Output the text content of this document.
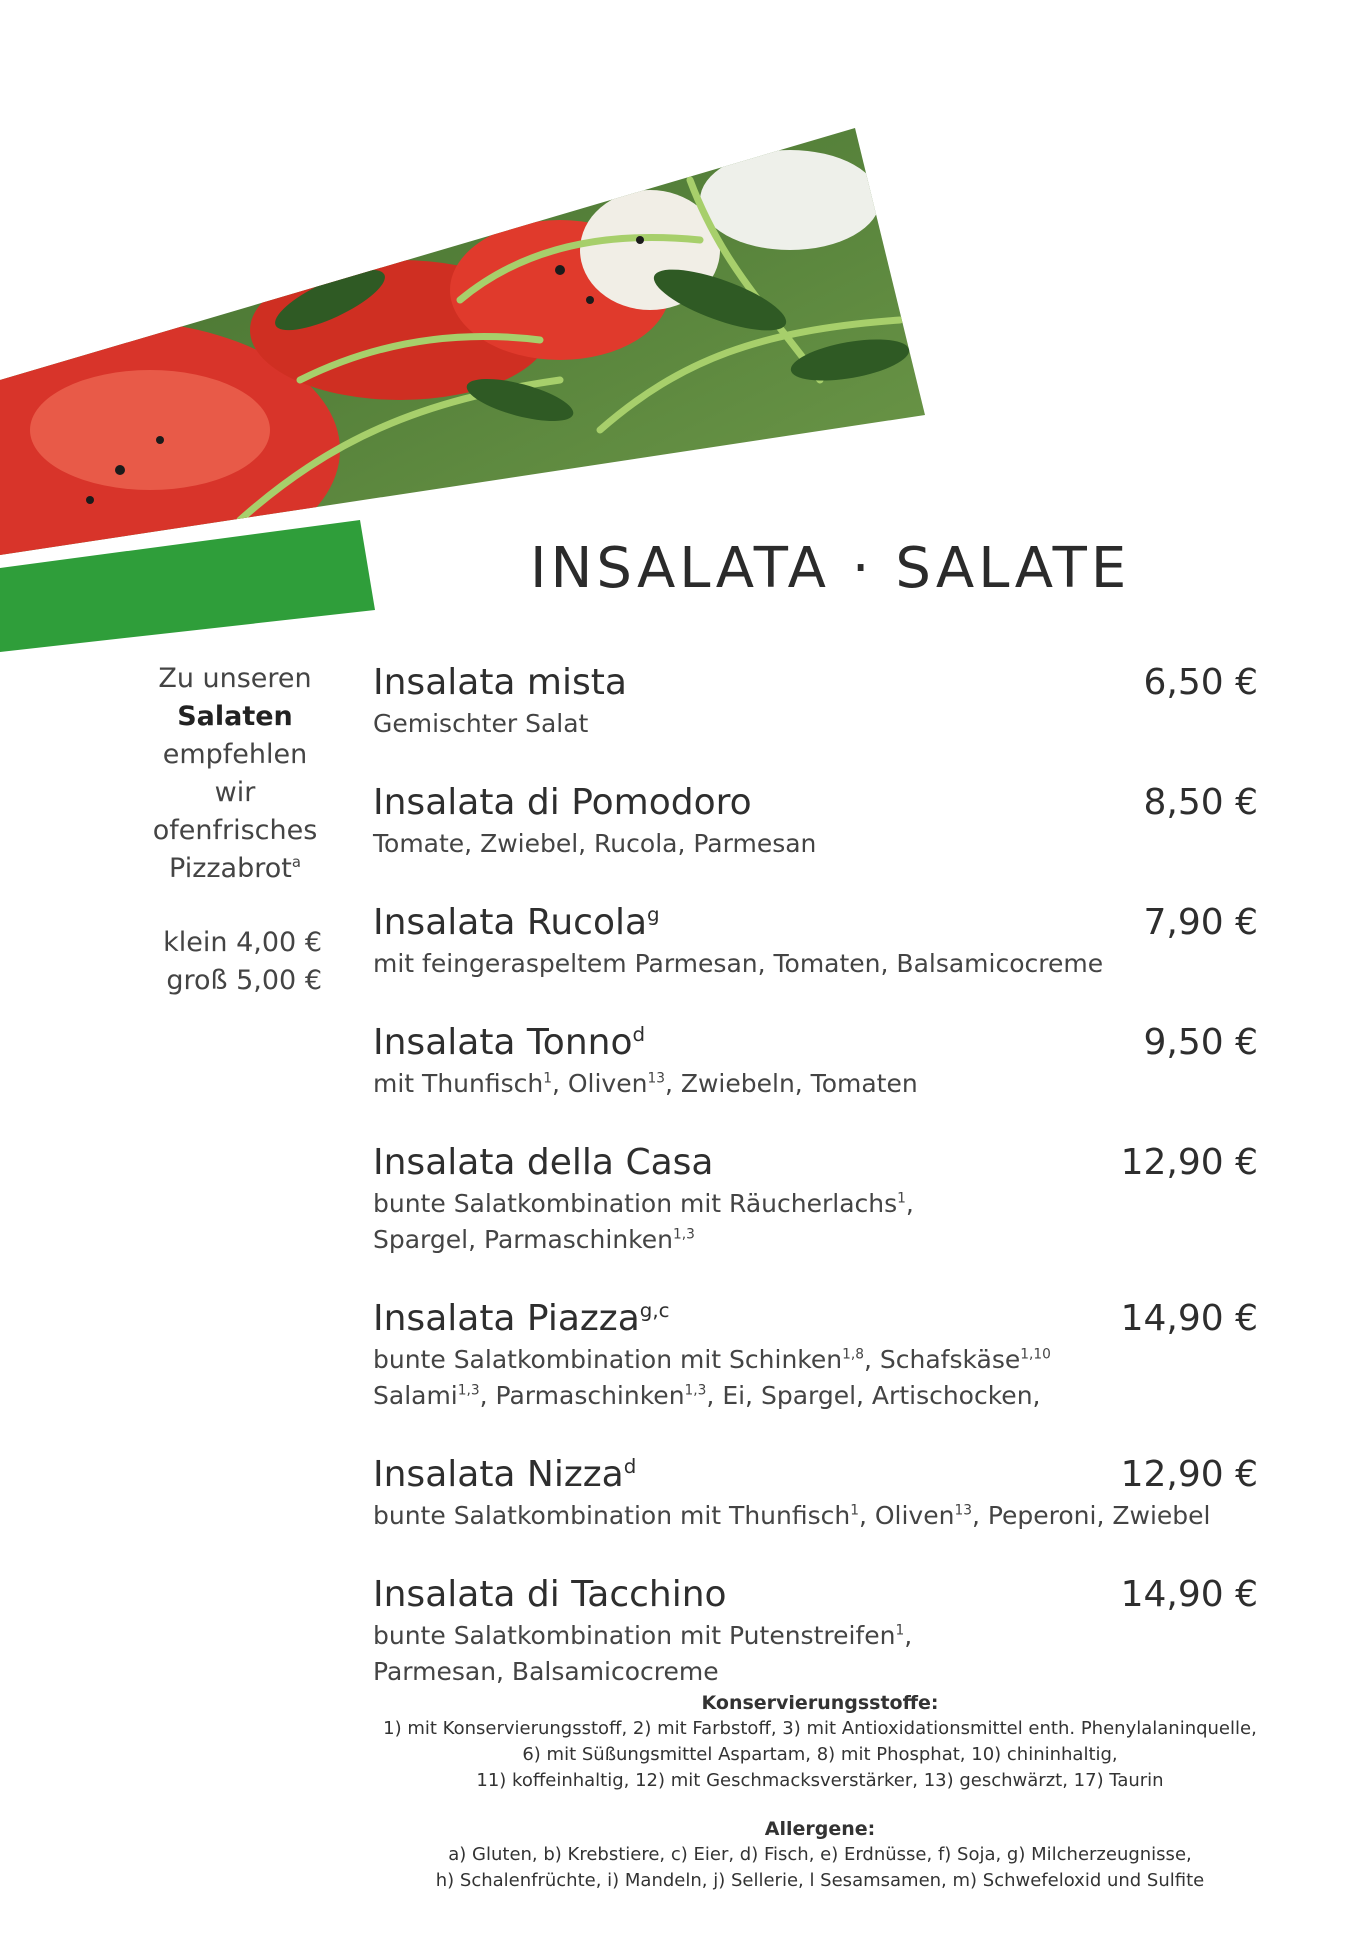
INSALATA · SALATE
Zu unseren
Salaten
empfehlen
wir
ofenfrisches
Pizzabrot$^a$
klein 4,00 €
groß 5,00 €
Insalata mista	6,50 €
Gemischter Salat
Insalata di Pomodoro	8,50 €
Tomate, Zwiebel, Rucola, Parmesan
Insalata Rucola$^g$	7,90 €
mit feingeraspeltem Parmesan, Tomaten, Balsamicocreme
Insalata Tonno$^d$	9,50 €
mit Thunfisch$^1$, Oliven$^{13}$, Zwiebeln, Tomaten
Insalata della Casa	12,90 €
bunte Salatkombination mit Räucherlachs$^1$,
Spargel, Parmaschinken$^{1,3}$
Insalata Piazza$^{g,c}$	14,90 €
bunte Salatkombination mit Schinken$^{1,8}$, Schafskäse$^{1,10}$
Salami$^{1,3}$, Parmaschinken$^{1,3}$, Ei, Spargel, Artischocken,
Insalata Nizza$^d$	12,90 €
bunte Salatkombination mit Thunfisch$^1$, Oliven$^{13}$, Peperoni, Zwiebel
Insalata di Tacchino	14,90 €
bunte Salatkombination mit Putenstreifen$^1$,
Parmesan, Balsamicocreme
Konservierungsstoffe:
1) mit Konservierungsstoff, 2) mit Farbstoff, 3) mit Antioxidationsmittel enth. Phenylalaninquelle,
6) mit Süßungsmittel Aspartam, 8) mit Phosphat, 10) chininhaltig,
11) koffeinhaltig, 12) mit Geschmacksverstärker, 13) geschwärzt, 17) Taurin
Allergene:
a) Gluten, b) Krebstiere, c) Eier, d) Fisch, e) Erdnüsse, f) Soja, g) Milcherzeugnisse,
h) Schalenfrüchte, i) Mandeln, j) Sellerie, l Sesamsamen, m) Schwefeloxid und Sulfite
